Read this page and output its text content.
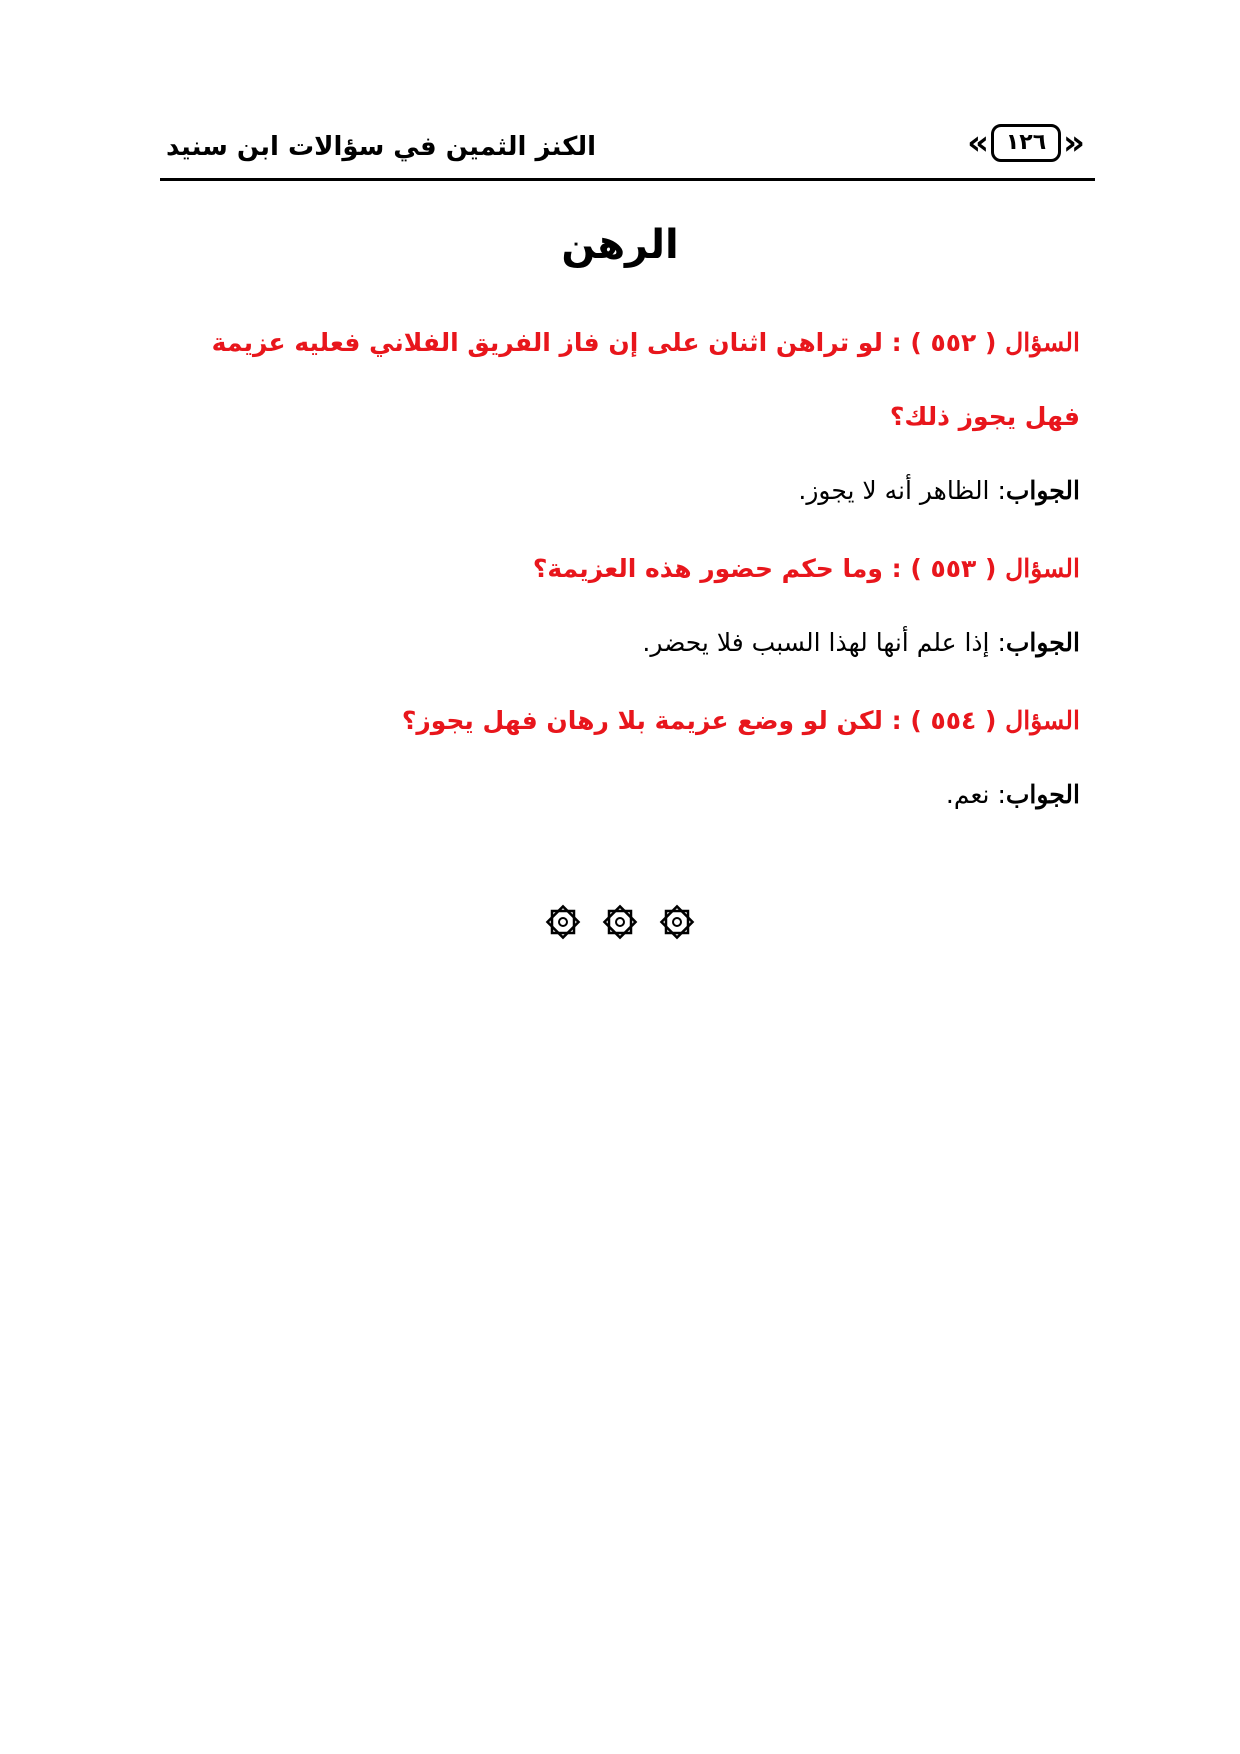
الكنز الثمين في سؤالات ابن سنيد	« ١٢٦ »
الرهن

السؤال ( ٥٥٢ ) : لو تراهن اثنان على إن فاز الفريق الفلاني فعليه عزيمة فهل يجوز ذلك؟

الجواب: الظاهر أنه لا يجوز.

السؤال ( ٥٥٣ ) : وما حكم حضور هذه العزيمة؟

الجواب: إذا علم أنها لهذا السبب فلا يحضر.

السؤال ( ٥٥٤ ) : لكن لو وضع عزيمة بلا رهان فهل يجوز؟

الجواب: نعم.
